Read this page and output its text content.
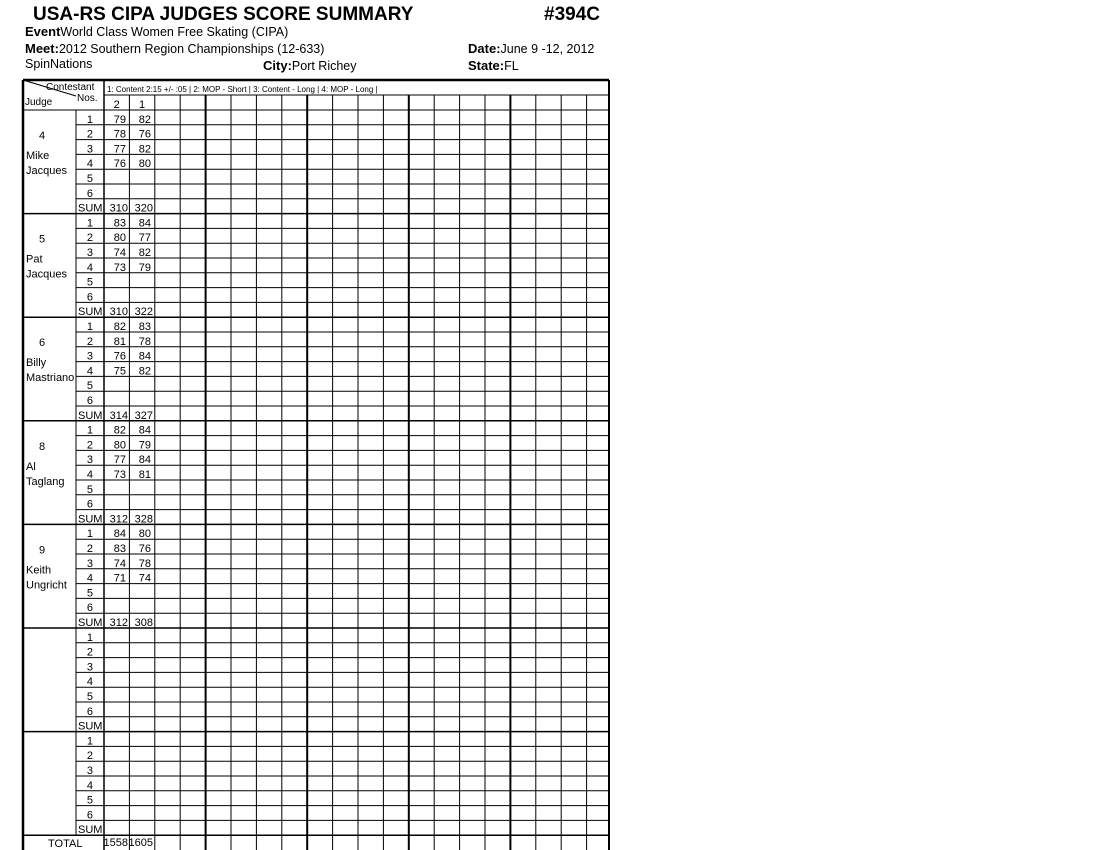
USA-RS CIPA JUDGES SCORE SUMMARY	#394C
EventWorld Class Women Free Skating (CIPA)
Meet:2012 Southern Region Championships (12-633)	Date:June 9 -12, 2012
SpinNations	City:Port Richey	State:FL
Contestant
Nos.
Judge
1: Content 2:15 +/- :05 | 2: MOP - Short | 3: Content - Long | 4: MOP - Long |
2 1
4
Mike
Jacques
1 79 82
2 78 76
3 77 82
4 76 80
5
6
SUM 310 320
5
Pat
Jacques
1 83 84
2 80 77
3 74 82
4 73 79
5
6
SUM 310 322
6
Billy
Mastriano
1 82 83
2 81 78
3 76 84
4 75 82
5
6
SUM 314 327
8
Al
Taglang
1 82 84
2 80 79
3 77 84
4 73 81
5
6
SUM 312 328
9
Keith
Ungricht
1 84 80
2 83 76
3 74 78
4 71 74
5
6
SUM 312 308
1
2
3
4
5
6
SUM
1
2
3
4
5
6
SUM
TOTAL 1558 1605
